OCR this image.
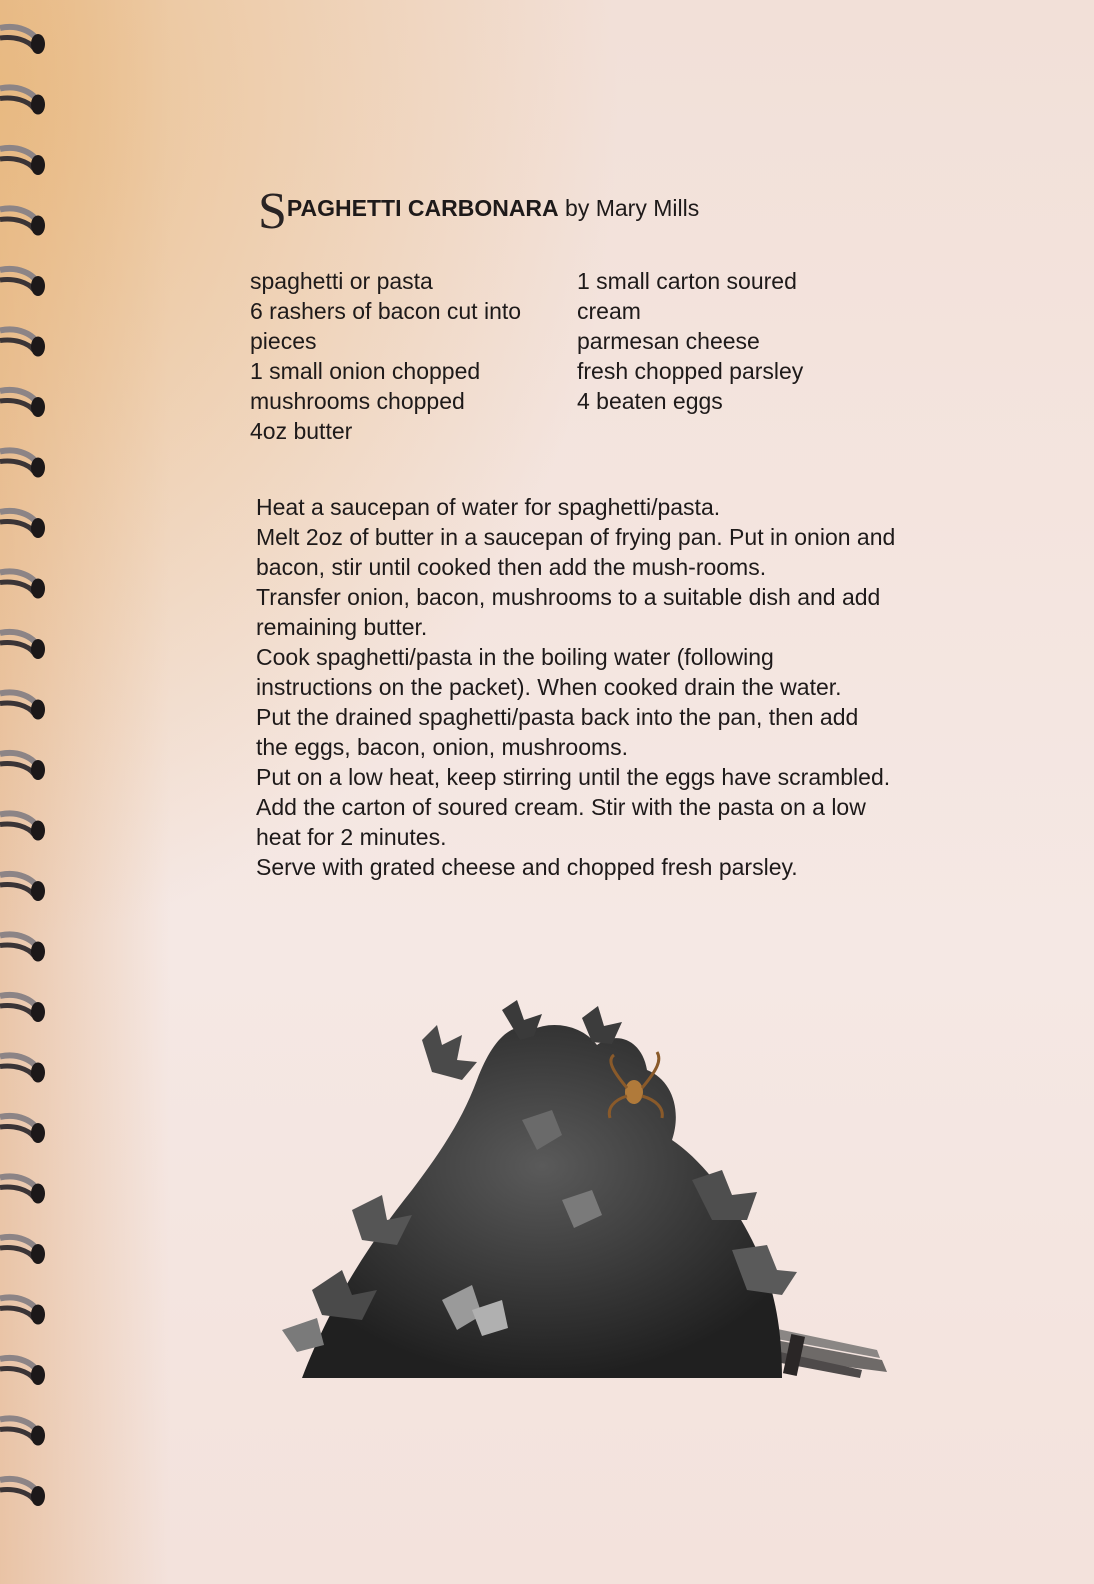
SPAGHETTI CARBONARA by Mary Mills
spaghetti or pasta
6 rashers of bacon cut into
pieces
1 small onion chopped
mushrooms chopped
4oz butter
1 small carton soured
cream
parmesan cheese
fresh chopped parsley
4 beaten eggs
Heat a saucepan of water for spaghetti/pasta.
Melt 2oz of butter in a saucepan of frying pan. Put in onion and bacon, stir until cooked then add the mush-rooms.
Transfer onion, bacon, mushrooms to a suitable dish and add remaining butter.
Cook spaghetti/pasta in the boiling water (following instructions on the packet). When cooked drain the water.
Put the drained spaghetti/pasta back into the pan, then add the eggs, bacon, onion, mushrooms.
Put on a low heat, keep stirring until the eggs have scrambled. Add the carton of soured cream. Stir with the pasta on a low heat for 2 minutes.
Serve with grated cheese and chopped fresh parsley.
